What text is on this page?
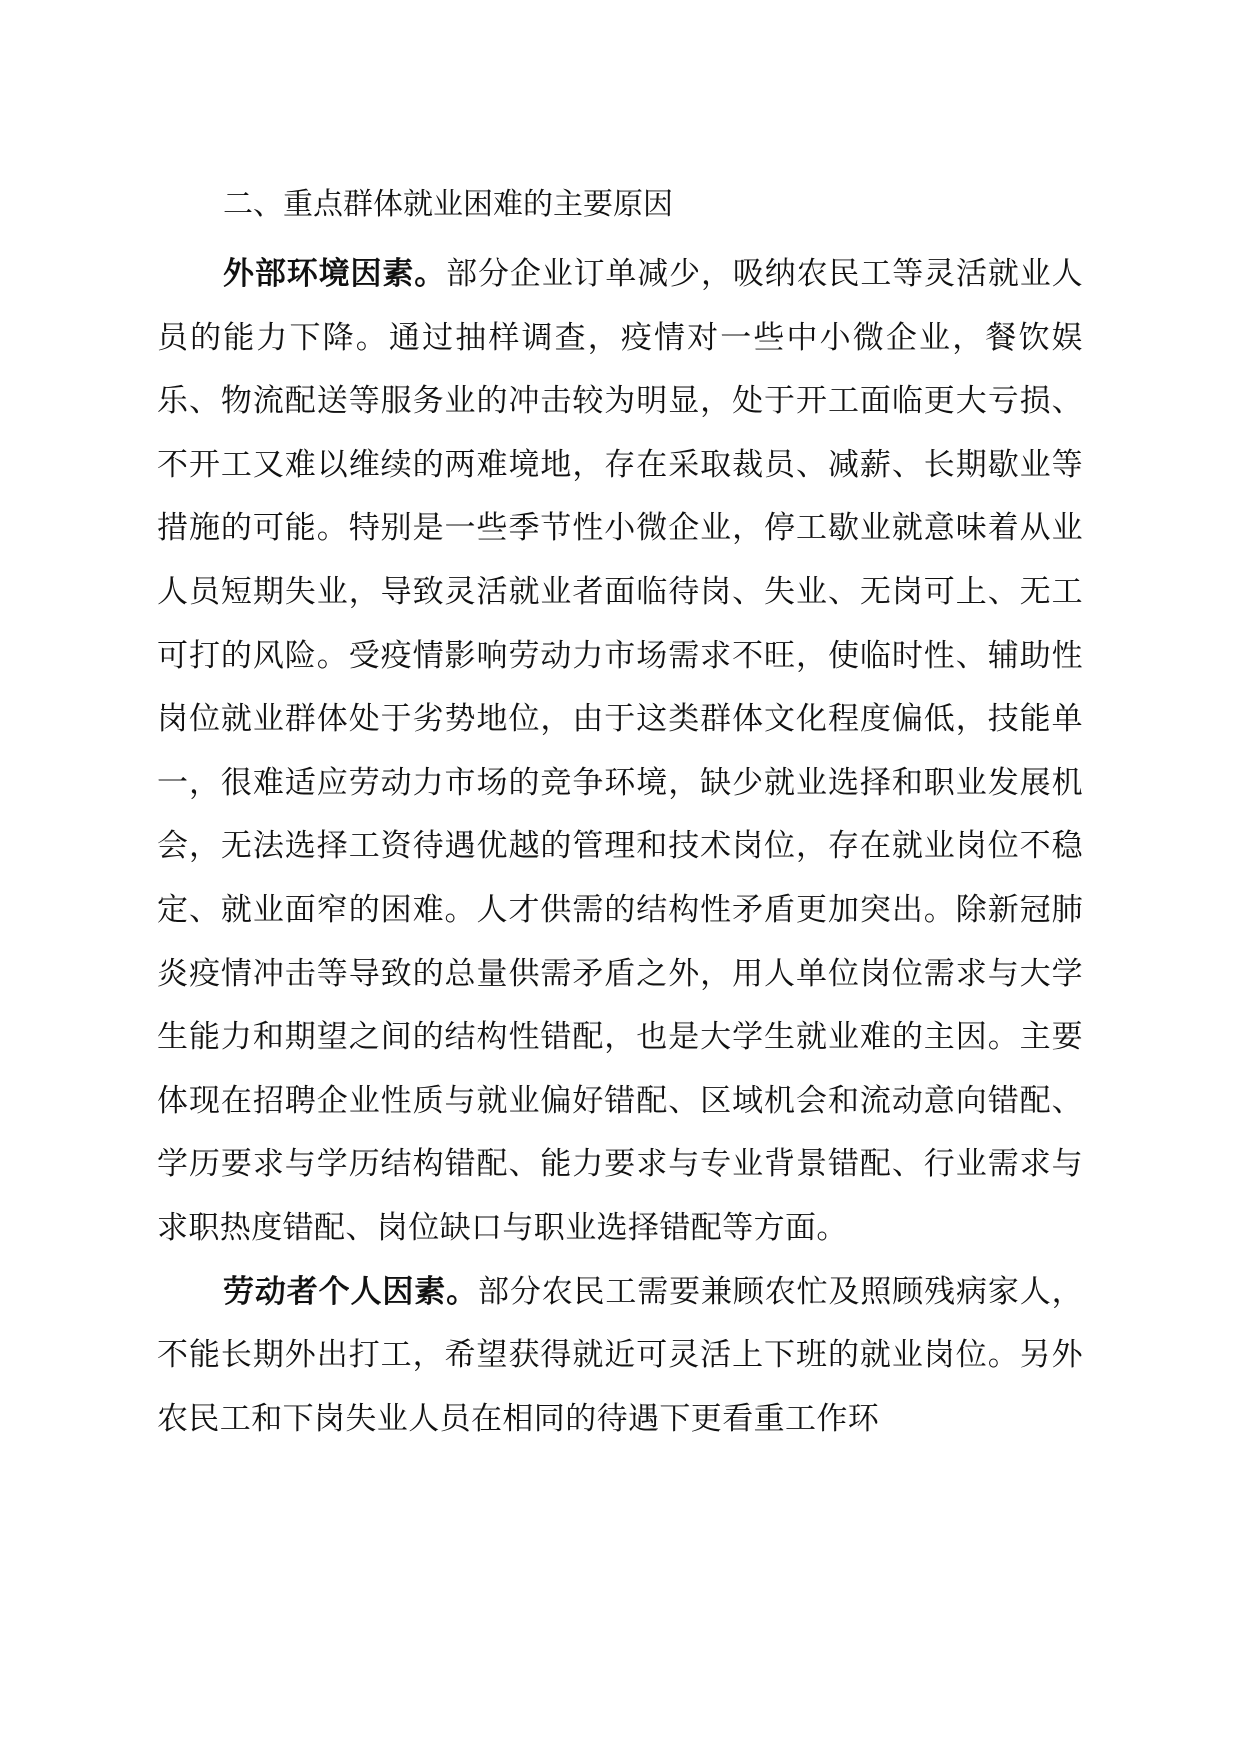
二、重点群体就业困难的主要原因

外部环境因素。部分企业订单减少，吸纳农民工等灵活就业人员的能力下降。通过抽样调查，疫情对一些中小微企业，餐饮娱乐、物流配送等服务业的冲击较为明显，处于开工面临更大亏损、不开工又难以维续的两难境地，存在采取裁员、减薪、长期歇业等措施的可能。特别是一些季节性小微企业，停工歇业就意味着从业人员短期失业，导致灵活就业者面临待岗、失业、无岗可上、无工可打的风险。受疫情影响劳动力市场需求不旺，使临时性、辅助性岗位就业群体处于劣势地位，由于这类群体文化程度偏低，技能单一，很难适应劳动力市场的竞争环境，缺少就业选择和职业发展机会，无法选择工资待遇优越的管理和技术岗位，存在就业岗位不稳定、就业面窄的困难。人才供需的结构性矛盾更加突出。除新冠肺炎疫情冲击等导致的总量供需矛盾之外，用人单位岗位需求与大学生能力和期望之间的结构性错配，也是大学生就业难的主因。主要体现在招聘企业性质与就业偏好错配、区域机会和流动意向错配、学历要求与学历结构错配、能力要求与专业背景错配、行业需求与求职热度错配、岗位缺口与职业选择错配等方面。

劳动者个人因素。部分农民工需要兼顾农忙及照顾残病家人，不能长期外出打工，希望获得就近可灵活上下班的就业岗位。另外农民工和下岗失业人员在相同的待遇下更看重工作环
